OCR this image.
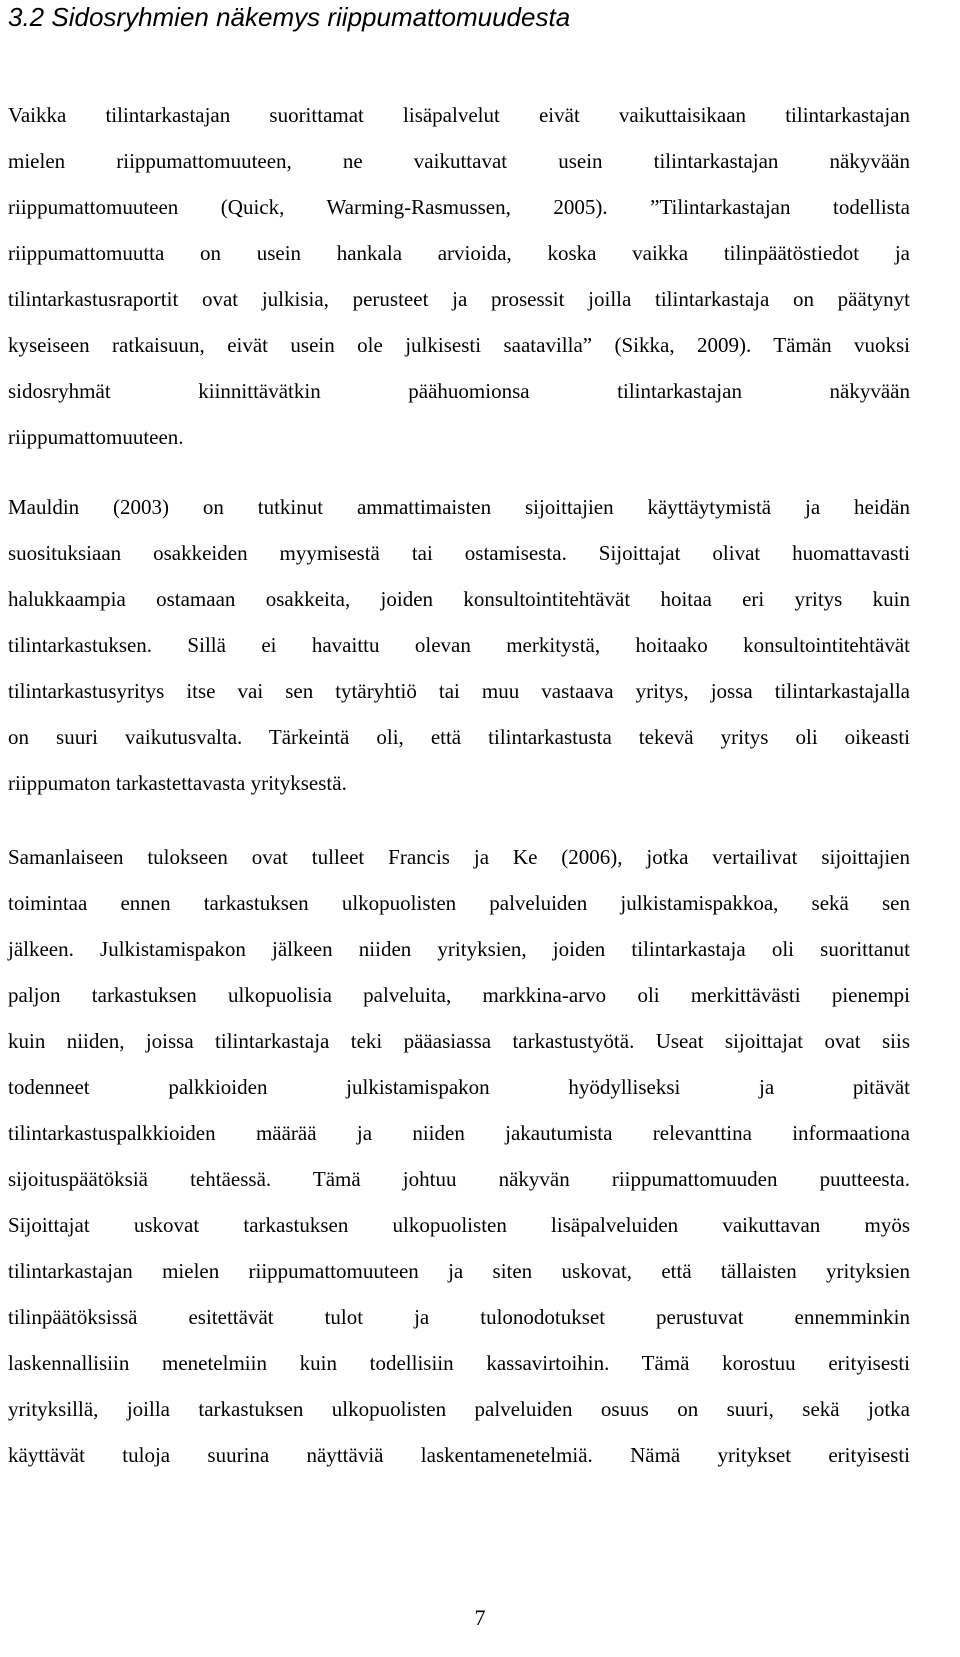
3.2 Sidosryhmien näkemys riippumattomuudesta

Vaikka tilintarkastajan suorittamat lisäpalvelut eivät vaikuttaisikaan tilintarkastajan
mielen riippumattomuuteen, ne vaikuttavat usein tilintarkastajan näkyvään
riippumattomuuteen (Quick, Warming-Rasmussen, 2005). ”Tilintarkastajan todellista
riippumattomuutta on usein hankala arvioida, koska vaikka tilinpäätöstiedot ja
tilintarkastusraportit ovat julkisia, perusteet ja prosessit joilla tilintarkastaja on päätynyt
kyseiseen ratkaisuun, eivät usein ole julkisesti saatavilla” (Sikka, 2009). Tämän vuoksi
sidosryhmät kiinnittävätkin päähuomionsa tilintarkastajan näkyvään
riippumattomuuteen.

Mauldin (2003) on tutkinut ammattimaisten sijoittajien käyttäytymistä ja heidän
suosituksiaan osakkeiden myymisestä tai ostamisesta. Sijoittajat olivat huomattavasti
halukkaampia ostamaan osakkeita, joiden konsultointitehtävät hoitaa eri yritys kuin
tilintarkastuksen. Sillä ei havaittu olevan merkitystä, hoitaako konsultointitehtävät
tilintarkastusyritys itse vai sen tytäryhtiö tai muu vastaava yritys, jossa tilintarkastajalla
on suuri vaikutusvalta. Tärkeintä oli, että tilintarkastusta tekevä yritys oli oikeasti
riippumaton tarkastettavasta yrityksestä.

Samanlaiseen tulokseen ovat tulleet Francis ja Ke (2006), jotka vertailivat sijoittajien
toimintaa ennen tarkastuksen ulkopuolisten palveluiden julkistamispakkoa, sekä sen
jälkeen. Julkistamispakon jälkeen niiden yrityksien, joiden tilintarkastaja oli suorittanut
paljon tarkastuksen ulkopuolisia palveluita, markkina-arvo oli merkittävästi pienempi
kuin niiden, joissa tilintarkastaja teki pääasiassa tarkastustyötä. Useat sijoittajat ovat siis
todenneet palkkioiden julkistamispakon hyödylliseksi ja pitävät
tilintarkastuspalkkioiden määrää ja niiden jakautumista relevanttina informaationa
sijoituspäätöksiä tehtäessä. Tämä johtuu näkyvän riippumattomuuden puutteesta.
Sijoittajat uskovat tarkastuksen ulkopuolisten lisäpalveluiden vaikuttavan myös
tilintarkastajan mielen riippumattomuuteen ja siten uskovat, että tällaisten yrityksien
tilinpäätöksissä esitettävät tulot ja tulonodotukset perustuvat ennemminkin
laskennallisiin menetelmiin kuin todellisiin kassavirtoihin. Tämä korostuu erityisesti
yrityksillä, joilla tarkastuksen ulkopuolisten palveluiden osuus on suuri, sekä jotka
käyttävät tuloja suurina näyttäviä laskentamenetelmiä. Nämä yritykset erityisesti

7
